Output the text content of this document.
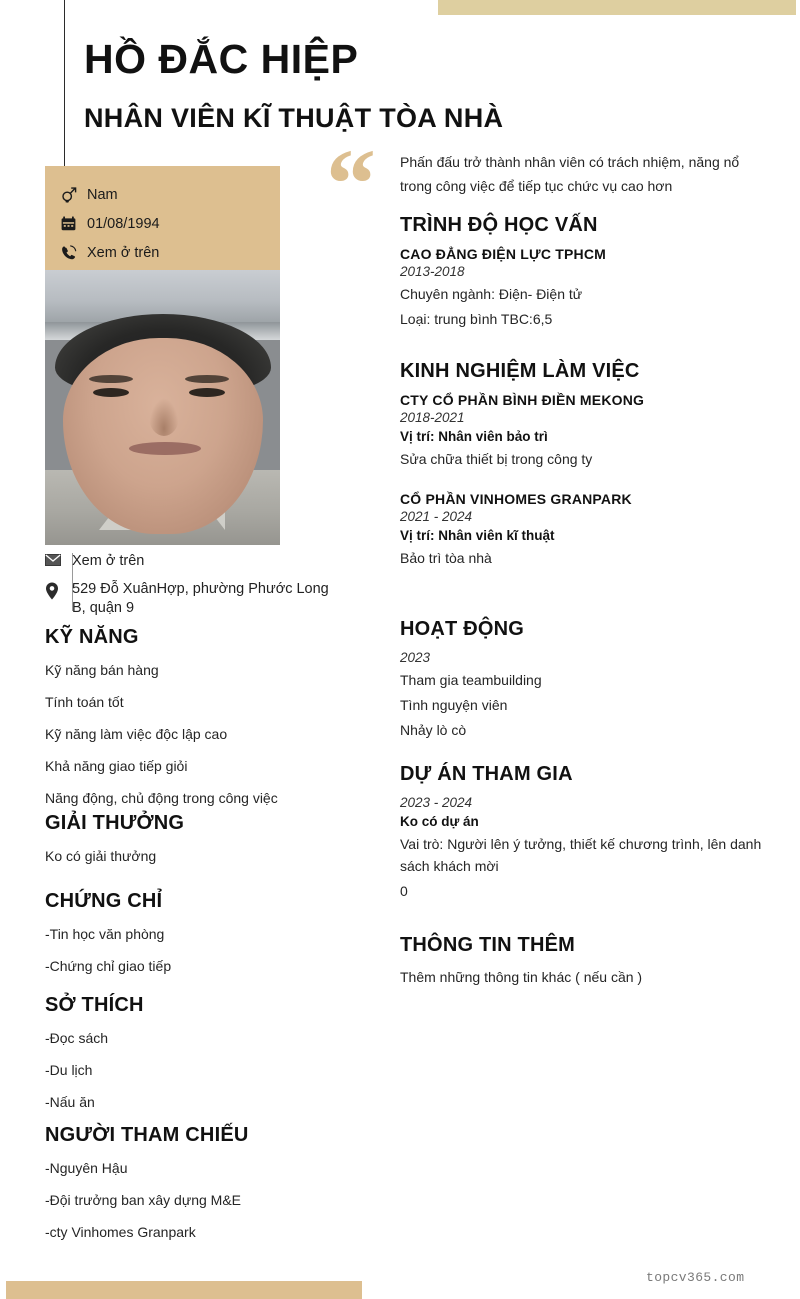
HỒ ĐẮC HIỆP
NHÂN VIÊN KĨ THUẬT TÒA NHÀ
Nam
01/08/1994
Xem ở trên
Xem ở trên
529 Đỗ XuânHợp, phường Phước Long B, quận 9
KỸ NĂNG

Kỹ năng bán hàng

Tính toán tốt

Kỹ năng làm việc độc lập cao

Khả năng giao tiếp giỏi

Năng động, chủ động trong công việc

GIẢI THƯỞNG

Ko có giải thưởng

CHỨNG CHỈ

-Tin học văn phòng

-Chứng chỉ giao tiếp

SỞ THÍCH

-Đọc sách

-Du lịch

-Nấu ăn

NGƯỜI THAM CHIẾU

-Nguyên Hậu

-Đội trưởng ban xây dựng M&E

-cty Vinhomes Granpark

“ Phấn đấu trở thành nhân viên có trách nhiệm, năng nổ trong công việc để tiếp tục chức vụ cao hơn
TRÌNH ĐỘ HỌC VẤN

CAO ĐẲNG ĐIỆN LỰC TPHCM

2013-2018

Chuyên ngành: Điện- Điện tử

Loại: trung bình TBC:6,5

KINH NGHIỆM LÀM VIỆC

CTY CỔ PHẦN BÌNH ĐIỀN MEKONG

2018-2021

Vị trí: Nhân viên bảo trì

Sửa chữa thiết bị trong công ty

CỔ PHẦN VINHOMES GRANPARK

2021 - 2024

Vị trí: Nhân viên kĩ thuật

Bảo trì tòa nhà

HOẠT ĐỘNG

2023

Tham gia teambuilding

Tình nguyện viên

Nhảy lò cò

DỰ ÁN THAM GIA

2023 - 2024

Ko có dự án

Vai trò: Người lên ý tưởng, thiết kế chương trình, lên danh sách khách mời

0

THÔNG TIN THÊM

Thêm những thông tin khác ( nếu cần )

topcv365.com
